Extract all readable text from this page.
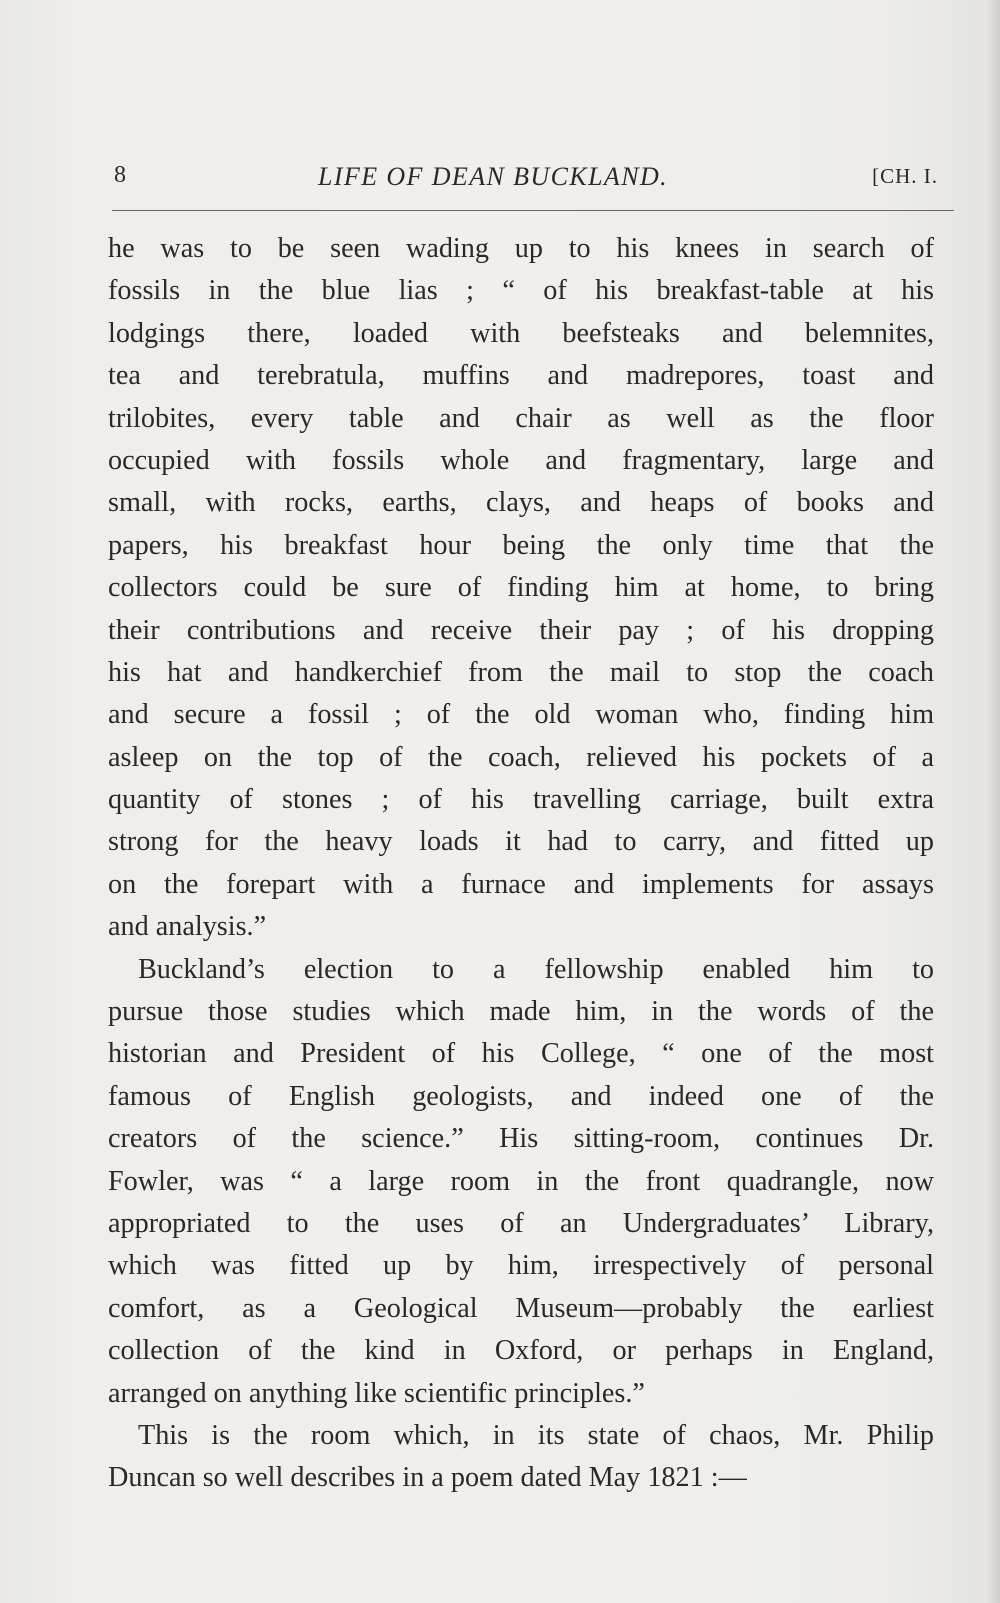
8	LIFE OF DEAN BUCKLAND.	[CH. I.
he was to be seen wading up to his knees in search of
fossils in the blue lias ; “ of his breakfast-table at his
lodgings there, loaded with beefsteaks and belemnites,
tea and terebratula, muffins and madrepores, toast and
trilobites, every table and chair as well as the floor
occupied with fossils whole and fragmentary, large and
small, with rocks, earths, clays, and heaps of books and
papers, his breakfast hour being the only time that the
collectors could be sure of finding him at home, to bring
their contributions and receive their pay ; of his dropping
his hat and handkerchief from the mail to stop the coach
and secure a fossil ; of the old woman who, finding him
asleep on the top of the coach, relieved his pockets of a
quantity of stones ; of his travelling carriage, built extra
strong for the heavy loads it had to carry, and fitted up
on the forepart with a furnace and implements for assays
and analysis.”
Buckland’s election to a fellowship enabled him to
pursue those studies which made him, in the words of the
historian and President of his College, “ one of the most
famous of English geologists, and indeed one of the
creators of the science.” His sitting-room, continues Dr.
Fowler, was “ a large room in the front quadrangle, now
appropriated to the uses of an Undergraduates’ Library,
which was fitted up by him, irrespectively of personal
comfort, as a Geological Museum—probably the earliest
collection of the kind in Oxford, or perhaps in England,
arranged on anything like scientific principles.”
This is the room which, in its state of chaos, Mr. Philip
Duncan so well describes in a poem dated May 1821 :—
